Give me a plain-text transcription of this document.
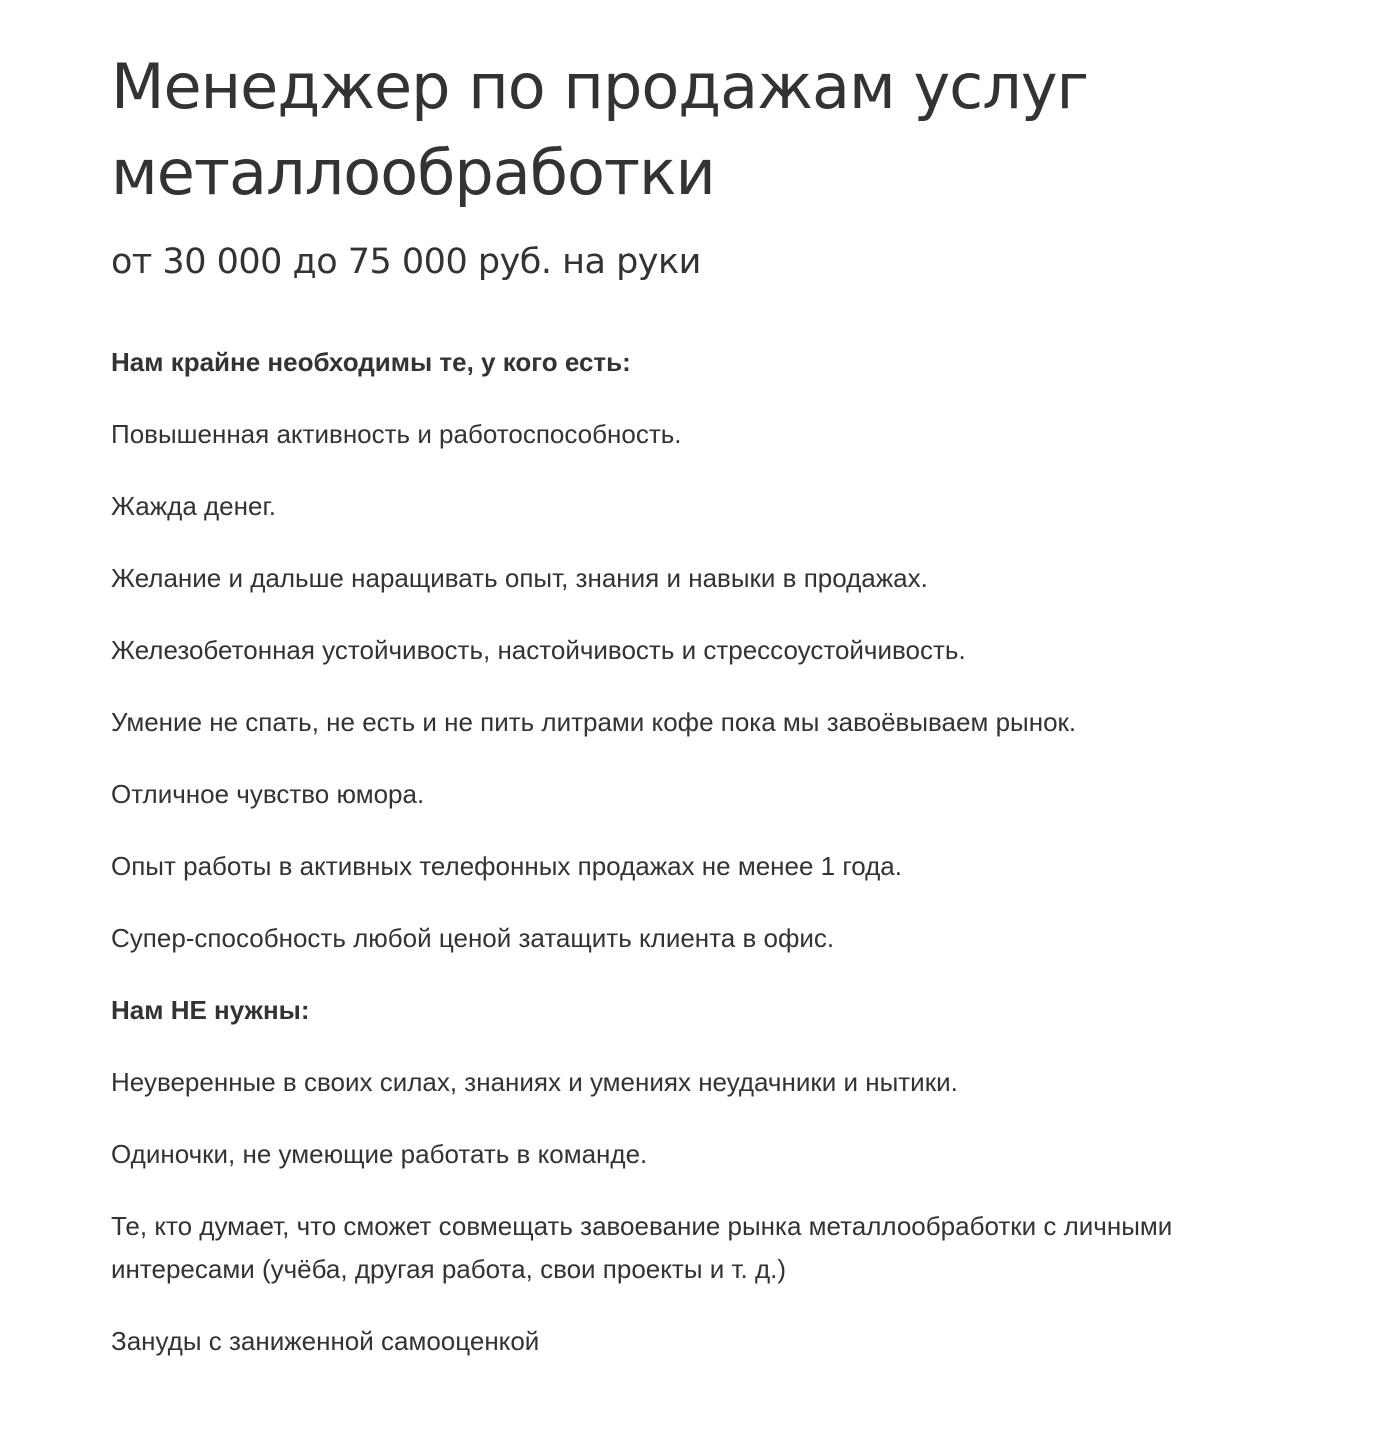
Менеджер по продажам услуг металлообработки

от 30 000 до 75 000 руб. на руки

Нам крайне необходимы те, у кого есть:

Повышенная активность и работоспособность.

Жажда денег.

Желание и дальше наращивать опыт, знания и навыки в продажах.

Железобетонная устойчивость, настойчивость и стрессоустойчивость.

Умение не спать, не есть и не пить литрами кофе пока мы завоёвываем рынок.

Отличное чувство юмора.

Опыт работы в активных телефонных продажах не менее 1 года.

Супер-способность любой ценой затащить клиента в офис.

Нам НЕ нужны:

Неуверенные в своих силах, знаниях и умениях неудачники и нытики.

Одиночки, не умеющие работать в команде.

Те, кто думает, что сможет совмещать завоевание рынка металлообработки с личными интересами (учёба, другая работа, свои проекты и т. д.)

Зануды с заниженной самооценкой
